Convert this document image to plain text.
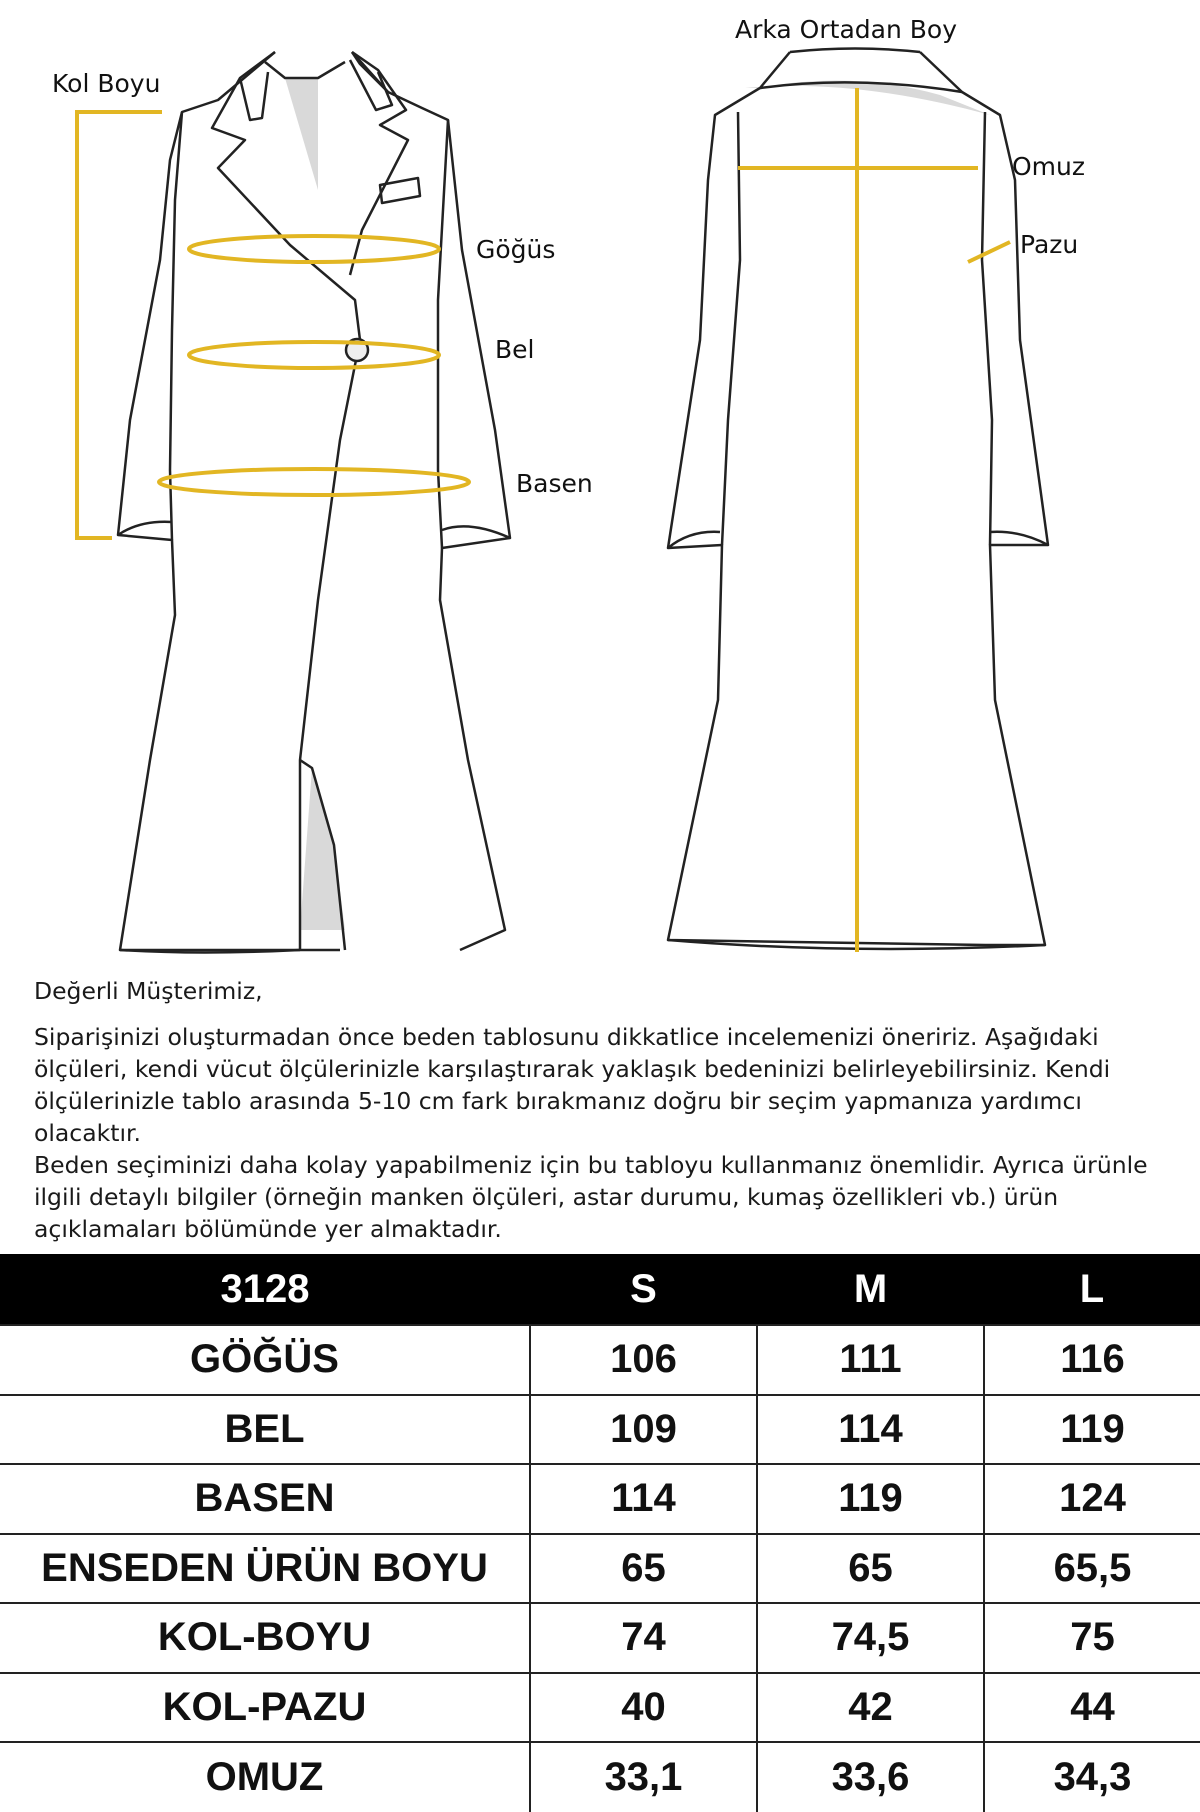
Kol Boyu
Göğüs
Bel
Basen
Arka Ortadan Boy
Omuz
Pazu

Değerli Müşterimiz,

Siparişinizi oluşturmadan önce beden tablosunu dikkatlice incelemenizi öneririz. Aşağıdaki ölçüleri, kendi vücut ölçülerinizle karşılaştırarak yaklaşık bedeninizi belirleyebilirsiniz. Kendi ölçülerinizle tablo arasında 5-10 cm fark bırakmanız doğru bir seçim yapmanıza yardımcı olacaktır.

Beden seçiminizi daha kolay yapabilmeniz için bu tabloyu kullanmanız önemlidir. Ayrıca ürünle ilgili detaylı bilgiler (örneğin manken ölçüleri, astar durumu, kumaş özellikleri vb.) ürün açıklamaları bölümünde yer almaktadır.

3128	S	M	L
GÖĞÜS	106	111	116
BEL	109	114	119
BASEN	114	119	124
ENSEDEN ÜRÜN BOYU	65	65	65,5
KOL-BOYU	74	74,5	75
KOL-PAZU	40	42	44
OMUZ	33,1	33,6	34,3
